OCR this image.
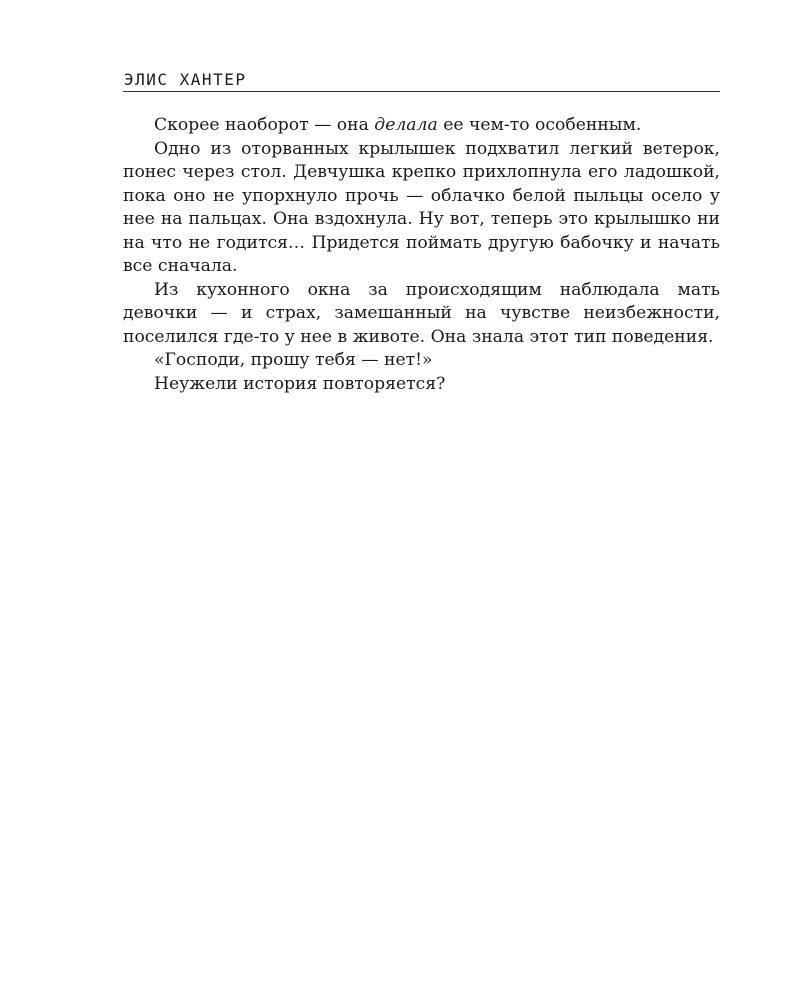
ЭЛИС ХАНТЕР

Скорее наоборот — она делала ее чем-то особенным.

Одно из оторванных крылышек подхватил легкий ветерок, понес через стол. Девчушка крепко прихлопнула его ладошкой, пока оно не упорхнуло прочь — облачко белой пыльцы осело у нее на пальцах. Она вздохнула. Ну вот, теперь это крылышко ни на что не годится… Придется поймать другую бабочку и начать все сначала.

Из кухонного окна за происходящим наблюдала мать девочки — и страх, замешанный на чувстве неизбежности, поселился где-то у нее в животе. Она знала этот тип поведения.

«Господи, прошу тебя — нет!»

Неужели история повторяется?
